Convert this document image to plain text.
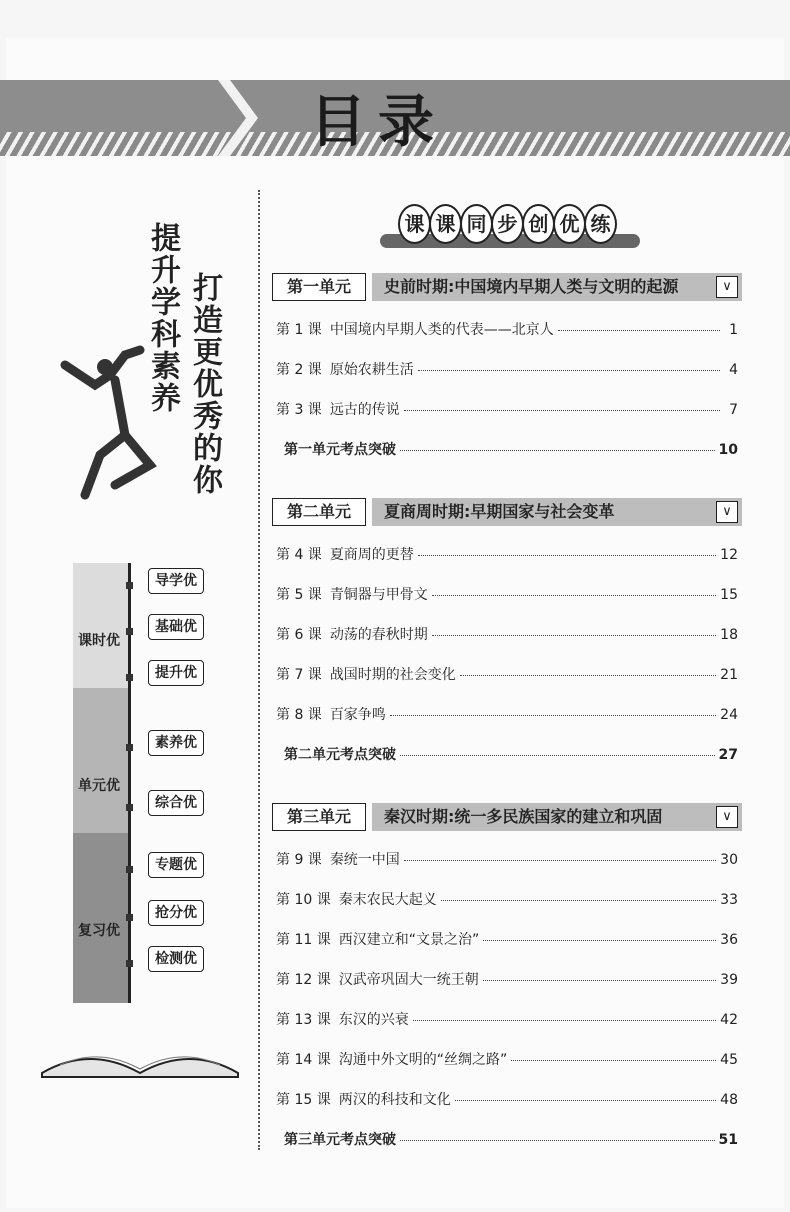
目录
提升学科素养 打造更优秀的你
课时优
单元优
复习优
导学优
基础优
提升优
素养优
综合优
专题优
抢分优
检测优
课 课 同 步 创 优 练
第一单元	史前时期:中国境内早期人类与文明的起源	∨
第 1 课 中国境内早期人类的代表——北京人	1
第 2 课 原始农耕生活	4
第 3 课 远古的传说	7
第一单元考点突破	10
第二单元	夏商周时期:早期国家与社会变革	∨
第 4 课 夏商周的更替	12
第 5 课 青铜器与甲骨文	15
第 6 课 动荡的春秋时期	18
第 7 课 战国时期的社会变化	21
第 8 课 百家争鸣	24
第二单元考点突破	27
第三单元	秦汉时期:统一多民族国家的建立和巩固	∨
第 9 课 秦统一中国	30
第 10 课 秦末农民大起义	33
第 11 课 西汉建立和“文景之治”	36
第 12 课 汉武帝巩固大一统王朝	39
第 13 课 东汉的兴衰	42
第 14 课 沟通中外文明的“丝绸之路”	45
第 15 课 两汉的科技和文化	48
第三单元考点突破	51
